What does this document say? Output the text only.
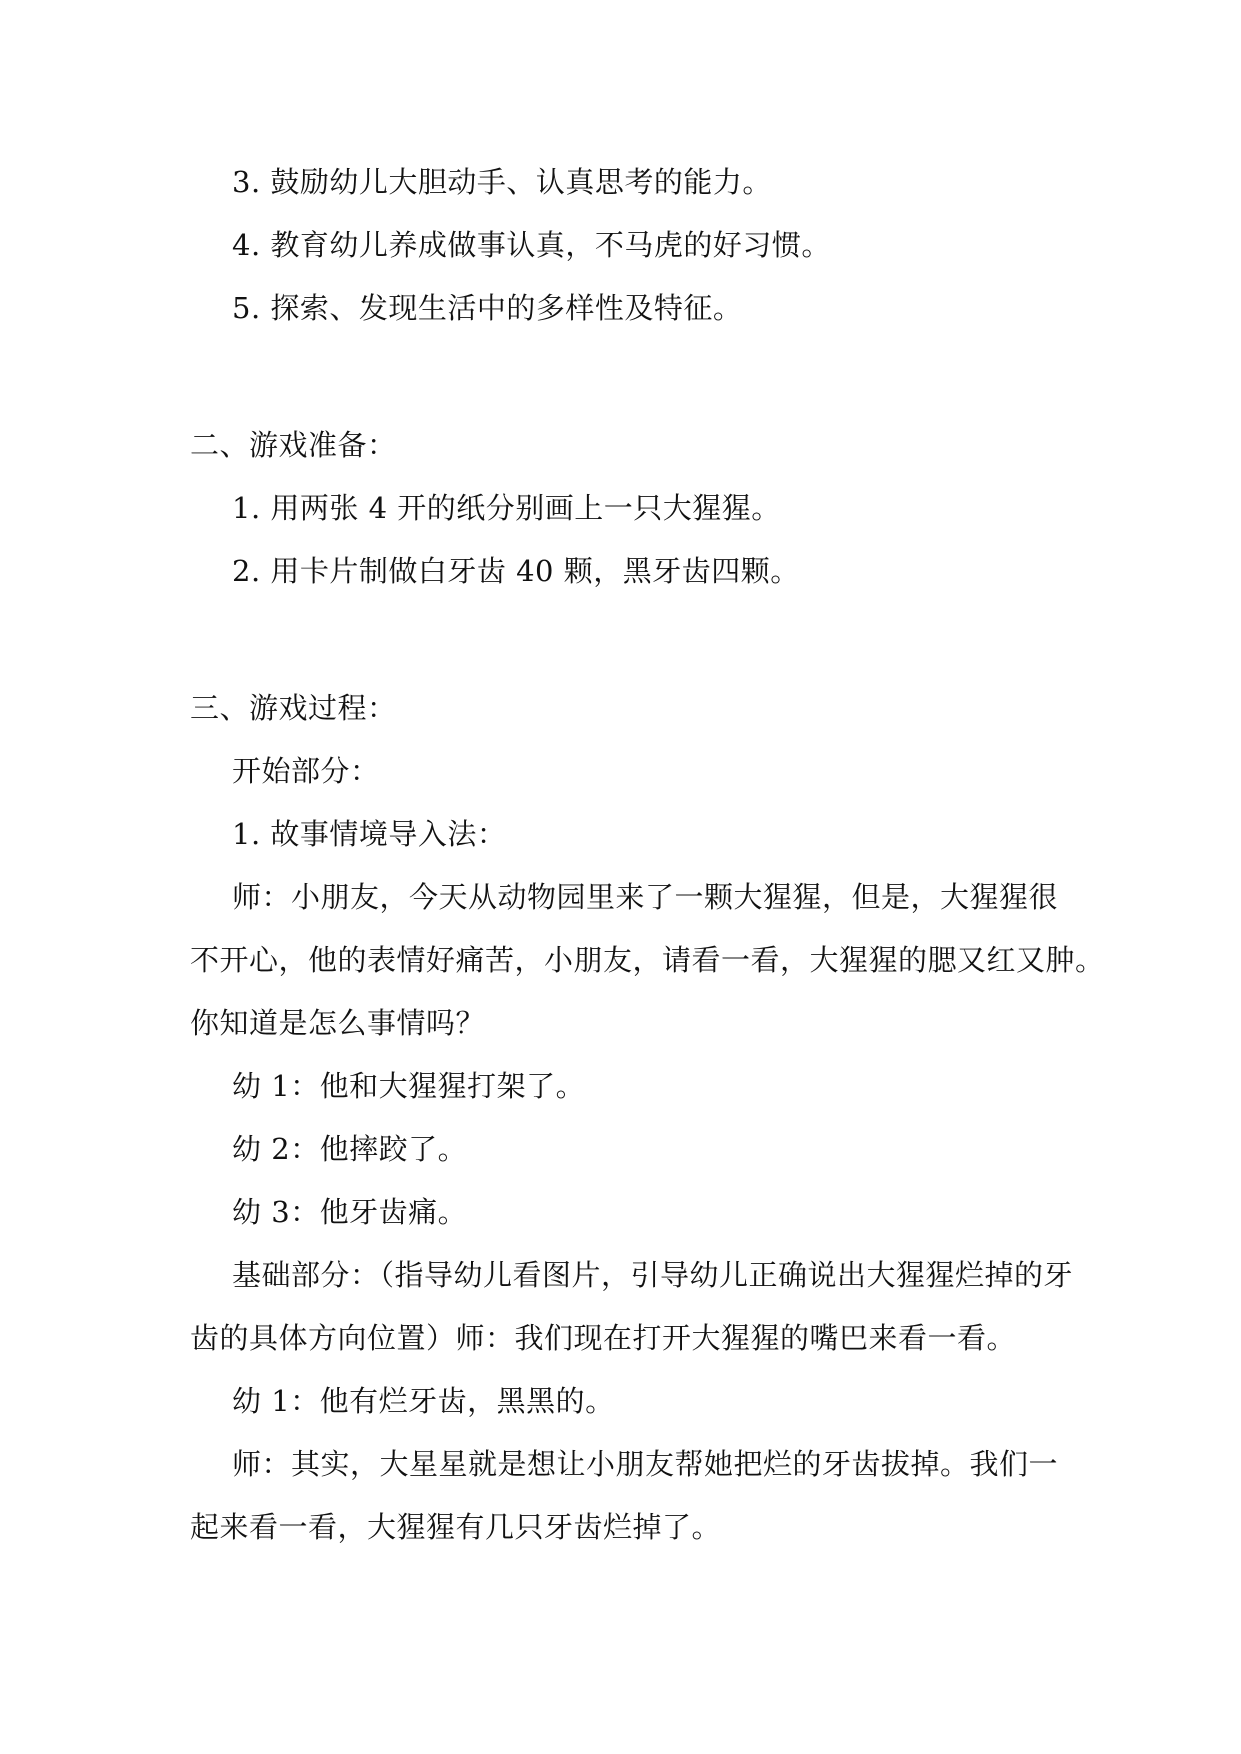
3. 鼓励幼儿大胆动手、认真思考的能力。
4. 教育幼儿养成做事认真，不马虎的好习惯。
5. 探索、发现生活中的多样性及特征。
二、游戏准备：
1. 用两张 4 开的纸分别画上一只大猩猩。
2. 用卡片制做白牙齿 40 颗，黑牙齿四颗。
三、游戏过程：
开始部分：
1. 故事情境导入法：
师：小朋友，今天从动物园里来了一颗大猩猩，但是，大猩猩很
不开心，他的表情好痛苦，小朋友，请看一看，大猩猩的腮又红又肿。
你知道是怎么事情吗？
幼 1：他和大猩猩打架了。
幼 2：他摔跤了。
幼 3：他牙齿痛。
基础部分：（指导幼儿看图片，引导幼儿正确说出大猩猩烂掉的牙
齿的具体方向位置）师：我们现在打开大猩猩的嘴巴来看一看。
幼 1：他有烂牙齿，黑黑的。
师：其实，大星星就是想让小朋友帮她把烂的牙齿拔掉。我们一
起来看一看，大猩猩有几只牙齿烂掉了。
